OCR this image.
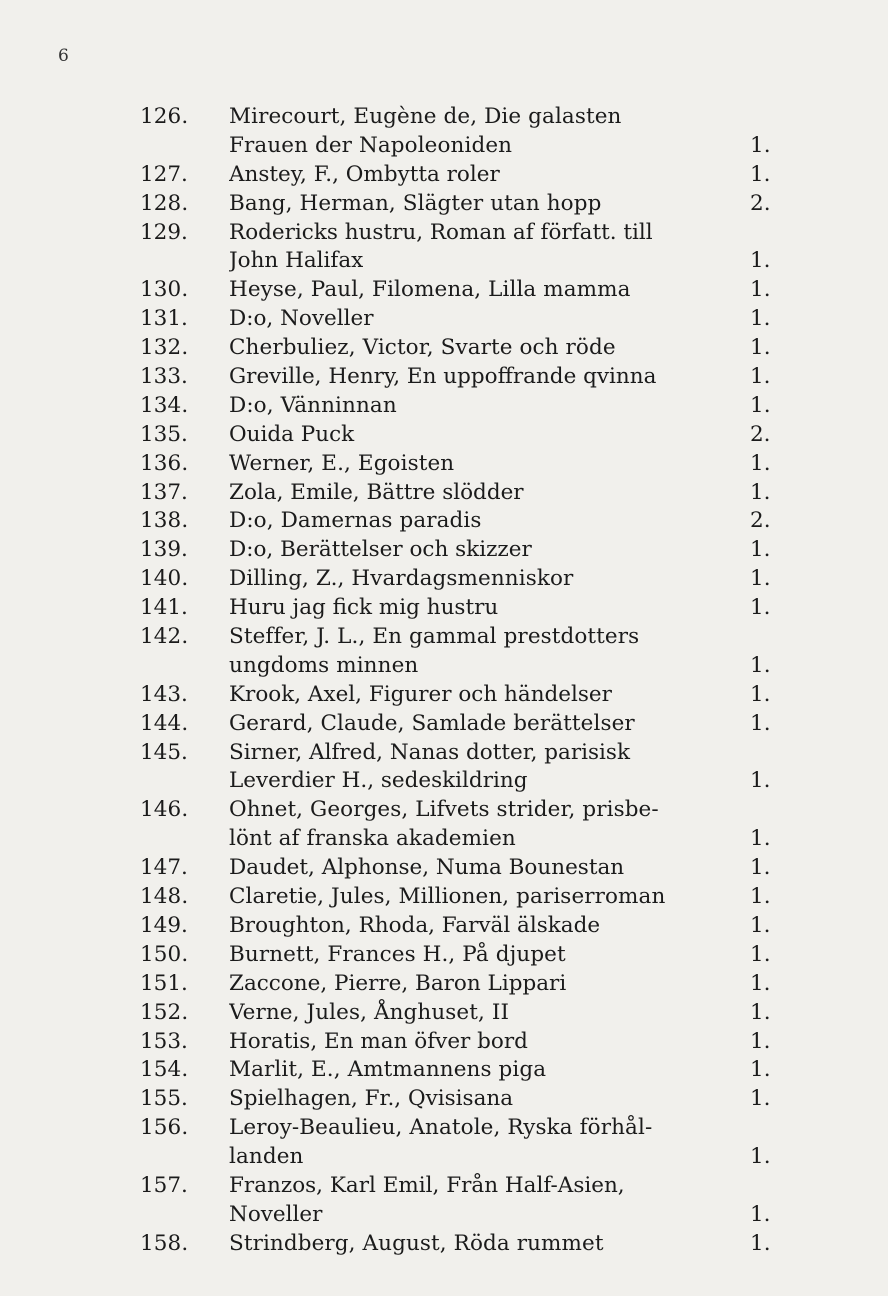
6
126.	Mirecourt, Eugène de, Die galasten
Frauen der Napoleoniden	1.
127.	Anstey, F., Ombytta roler	1.
128.	Bang, Herman, Slägter utan hopp	2.
129.	Rodericks hustru, Roman af författ. till
John Halifax	1.
130.	Heyse, Paul, Filomena, Lilla mamma	1.
131.	D:o, Noveller	1.
132.	Cherbuliez, Victor, Svarte och röde	1.
133.	Greville, Henry, En uppoffrande qvinna	1.
134.	D:o, Vänninnan	1.
135.	Ouida Puck	2.
136.	Werner, E., Egoisten	1.
137.	Zola, Emile, Bättre slödder	1.
138.	D:o, Damernas paradis	2.
139.	D:o, Berättelser och skizzer	1.
140.	Dilling, Z., Hvardagsmenniskor	1.
141.	Huru jag fick mig hustru	1.
142.	Steffer, J. L., En gammal prestdotters
ungdoms minnen	1.
143.	Krook, Axel, Figurer och händelser	1.
144.	Gerard, Claude, Samlade berättelser	1.
145.	Sirner, Alfred, Nanas dotter, parisisk
Leverdier H., sedeskildring	1.
146.	Ohnet, Georges, Lifvets strider, prisbe-
lönt af franska akademien	1.
147.	Daudet, Alphonse, Numa Bounestan	1.
148.	Claretie, Jules, Millionen, pariserroman	1.
149.	Broughton, Rhoda, Farväl älskade	1.
150.	Burnett, Frances H., På djupet	1.
151.	Zaccone, Pierre, Baron Lippari	1.
152.	Verne, Jules, Ånghuset, II	1.
153.	Horatis, En man öfver bord	1.
154.	Marlit, E., Amtmannens piga	1.
155.	Spielhagen, Fr., Qvisisana	1.
156.	Leroy-Beaulieu, Anatole, Ryska förhål-
landen	1.
157.	Franzos, Karl Emil, Från Half-Asien,
Noveller	1.
158.	Strindberg, August, Röda rummet	1.
